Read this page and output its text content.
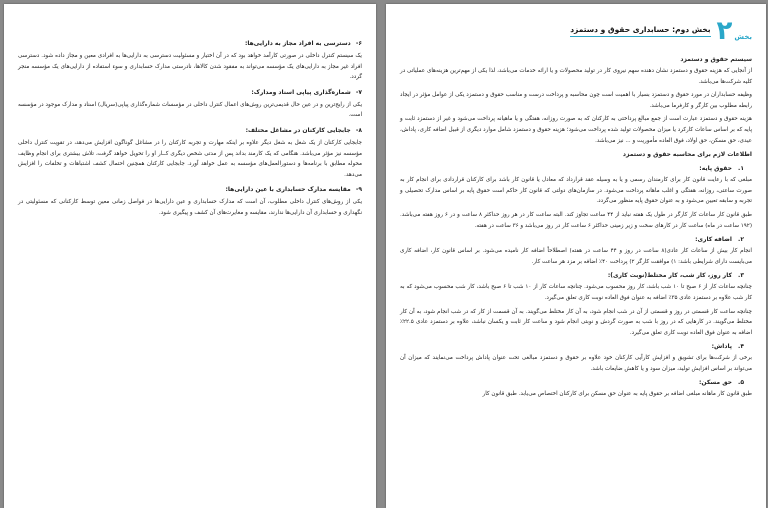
۶- دسترسی به افراد مجاز به دارایی‌ها:

یک سیستم کنترل داخلی در صورتی کارآمد خواهد بود که در آن اختیار و مسئولیت دسترسی به دارایی‌ها به افرادی معین و مجاز داده شود. دسترسی افراد غیر مجاز به دارایی‌های یک مؤسسه می‌تواند به مفقود شدن کالاها، نادرستی مدارک حسابداری و سوء استفاده از دارایی‌های یک مؤسسه منجر گردد.

۷- شماره‌گذاری پیاپی اسناد ومدارک:

یکی از رایج‌ترین و در عین حال قدیمی‌ترین روش‌های اعمال کنترل داخلی در مؤسسات شماره‌گذاری پیاپی(سریال) اسناد و مدارک موجود در مؤسسه است.

۸- جابجایی کارکنان در مشاغل مختلف:

جابجایی کارکنان از یک شغل به شغل دیگر علاوه بر اینکه مهارت و تجربه کارکنان را در مشاغل گوناگون افزایش می‌دهد، در تقویت کنترل داخلی مؤسسه نیز مؤثر می‌باشد. هنگامی که یک کارمند بداند پس از مدتی شخص دیگری کــار او را تحویل خواهد گرفت، تلاش بیشتری برای انجام وظایف محوله مطابق با برنامه‌ها و دستورالعمل‌های مؤسسه به عمل خواهد آورد. جابجایی کارکنان همچنین احتمال کشف اشتباهات و تخلفات را افزایش می‌دهد.

۹- مقایسه مدارک حسابداری با عین دارایی‌ها:

یکی از روش‌های کنترل داخلی مطلوب، آن است که مدارک حسابداری و عین دارایی‌ها در فواصل زمانی معین توسط کارکنانی که مسئولیتی در نگهداری و حسابداری آن دارایی‌ها ندارند، مقایسه و مغایرت‌های آن کشف و پیگیری شود.

بخش
۲
بخش دوم: حسابداری حقوق و دستمزد
سیستم حقوق و دستمزد

از آنجایی که هزینه حقوق و دستمزد نشان دهنده سهم نیروی کار در تولید محصولات و یا ارائه خدمات می‌باشد، لذا یکی از مهم‌ترین هزینه‌های عملیاتی در کلیه شرکت‌ها می‌باشد.

وظیفه حسابداران در مورد حقوق و دستمزد بسیار با اهمیت است چون محاسبه و پرداخت درست و مناسب حقوق و دستمزد یکی از عوامل مؤثر در ایجاد رابطه مطلوب بین کارگر و کارفرما می‌باشد.

هزینه حقوق و دستمزد عبارت است از جمع مبالغ پرداختی به کارکنان که به صورت روزانه، هفتگی و یا ماهیانه پرداخت می‌شود و غیر از دستمزد ثابت و پایه که بر اساس ساعات کارکرد یا میزان محصولات تولید شده پرداخت می‌شود؛ هزینه حقوق و دستمزد شامل موارد دیگری از قبیل اضافه کاری، پاداش، عیدی، حق مسکن، حق اولاد، فوق العاده مأموریت و ... نیز می‌باشد.

اطلاعات لازم برای محاسبه حقوق و دستمزد
۱. حقوق پایه:

مبلغی که با رعایت قانون کار برای کارمندان رسمی و یا به وسیله عقد قرارداد که معادل یا قانون کار باشد برای کارکنان قراردادی برای انجام کار به صورت ساعتی، روزانه، هفتگی و اغلب ماهانه پرداخت می‌شود. در سازمان‌های دولتی که قانون کار حاکم است حقوق پایه بر اساس مدارک تحصیلی و تجربه و سابقه تعیین می‌شود و به عنوان حقوق پایه منظور می‌گردد.

طبق قانون کار ساعات کار کارگر در طول یک هفته نباید از ۴۴ ساعت تجاوز کند. البته ساعت کار در هر روز حداکثر ۸ ساعت و در ۶ روز هفته می‌باشد. (۱۹۲ ساعت در ماه) ساعت کار در کارهای سخت و زیر زمینی حداکثر ۶ ساعت کار در روز می‌باشد و ۳۶ ساعت در هفته.

۲. اضافه کاری:

انجام کار بیش از ساعات کار عادی(۸ ساعت در روز و ۴۴ ساعت در هفته) اصطلاحاً اضافه کار نامیده می‌شود. بر اساس قانون کار، اضافه کاری می‌بایست دارای شرایطی باشد: ۱) موافقت کارگر ۲) پرداخت ۴۰٪ اضافه بر مزد هر ساعت کار.

۳. کار روز، کار شب، کار مختلط(نوبت کاری):

چنانچه ساعات کار از ۶ صبح تا ۱۰ شب باشد، کار روز محسوب می‌شود. چنانچه ساعات کار از ۱۰ شب تا ۶ صبح باشد، کار شب محسوب می‌شود که به کار شب علاوه بر دستمزد عادی ۳۵٪ اضافه به عنوان فوق العاده نوبت کاری تعلق می‌گیرد.

چنانچه ساعت کار قسمتی در روز و قسمتی از آن در شب انجام شود، به آن کار مختلط می‌گویند. به آن قسمت از کار که در شب انجام شود، به آن کار مختلط می‌گویند. در کارهایی که در روز با شب به صورت گردش و نوبتی انجام شود و ساعت کار ثابت و یکسان نباشد، علاوه بر دستمزد عادی ۲۲.۵٪ اضافه به عنوان فوق العاده نوبت کاری تعلق می‌گیرد.

۴. پاداش:

برخی از شرکت‌ها برای تشویق و افزایش کارآیی کارکنان خود علاوه بر حقوق و دستمزد مبالغی تحت عنوان پاداش پرداخت می‌نمایند که میزان آن می‌تواند بر اساس افزایش تولید، میزان سود و یا کاهش ضایعات باشد.

۵. حق مسکن:

طبق قانون کار ماهانه مبلغی اضافه بر حقوق پایه به عنوان حق مسکن برای کارکنان اختصاص می‌یابد. طبق قانون کار
